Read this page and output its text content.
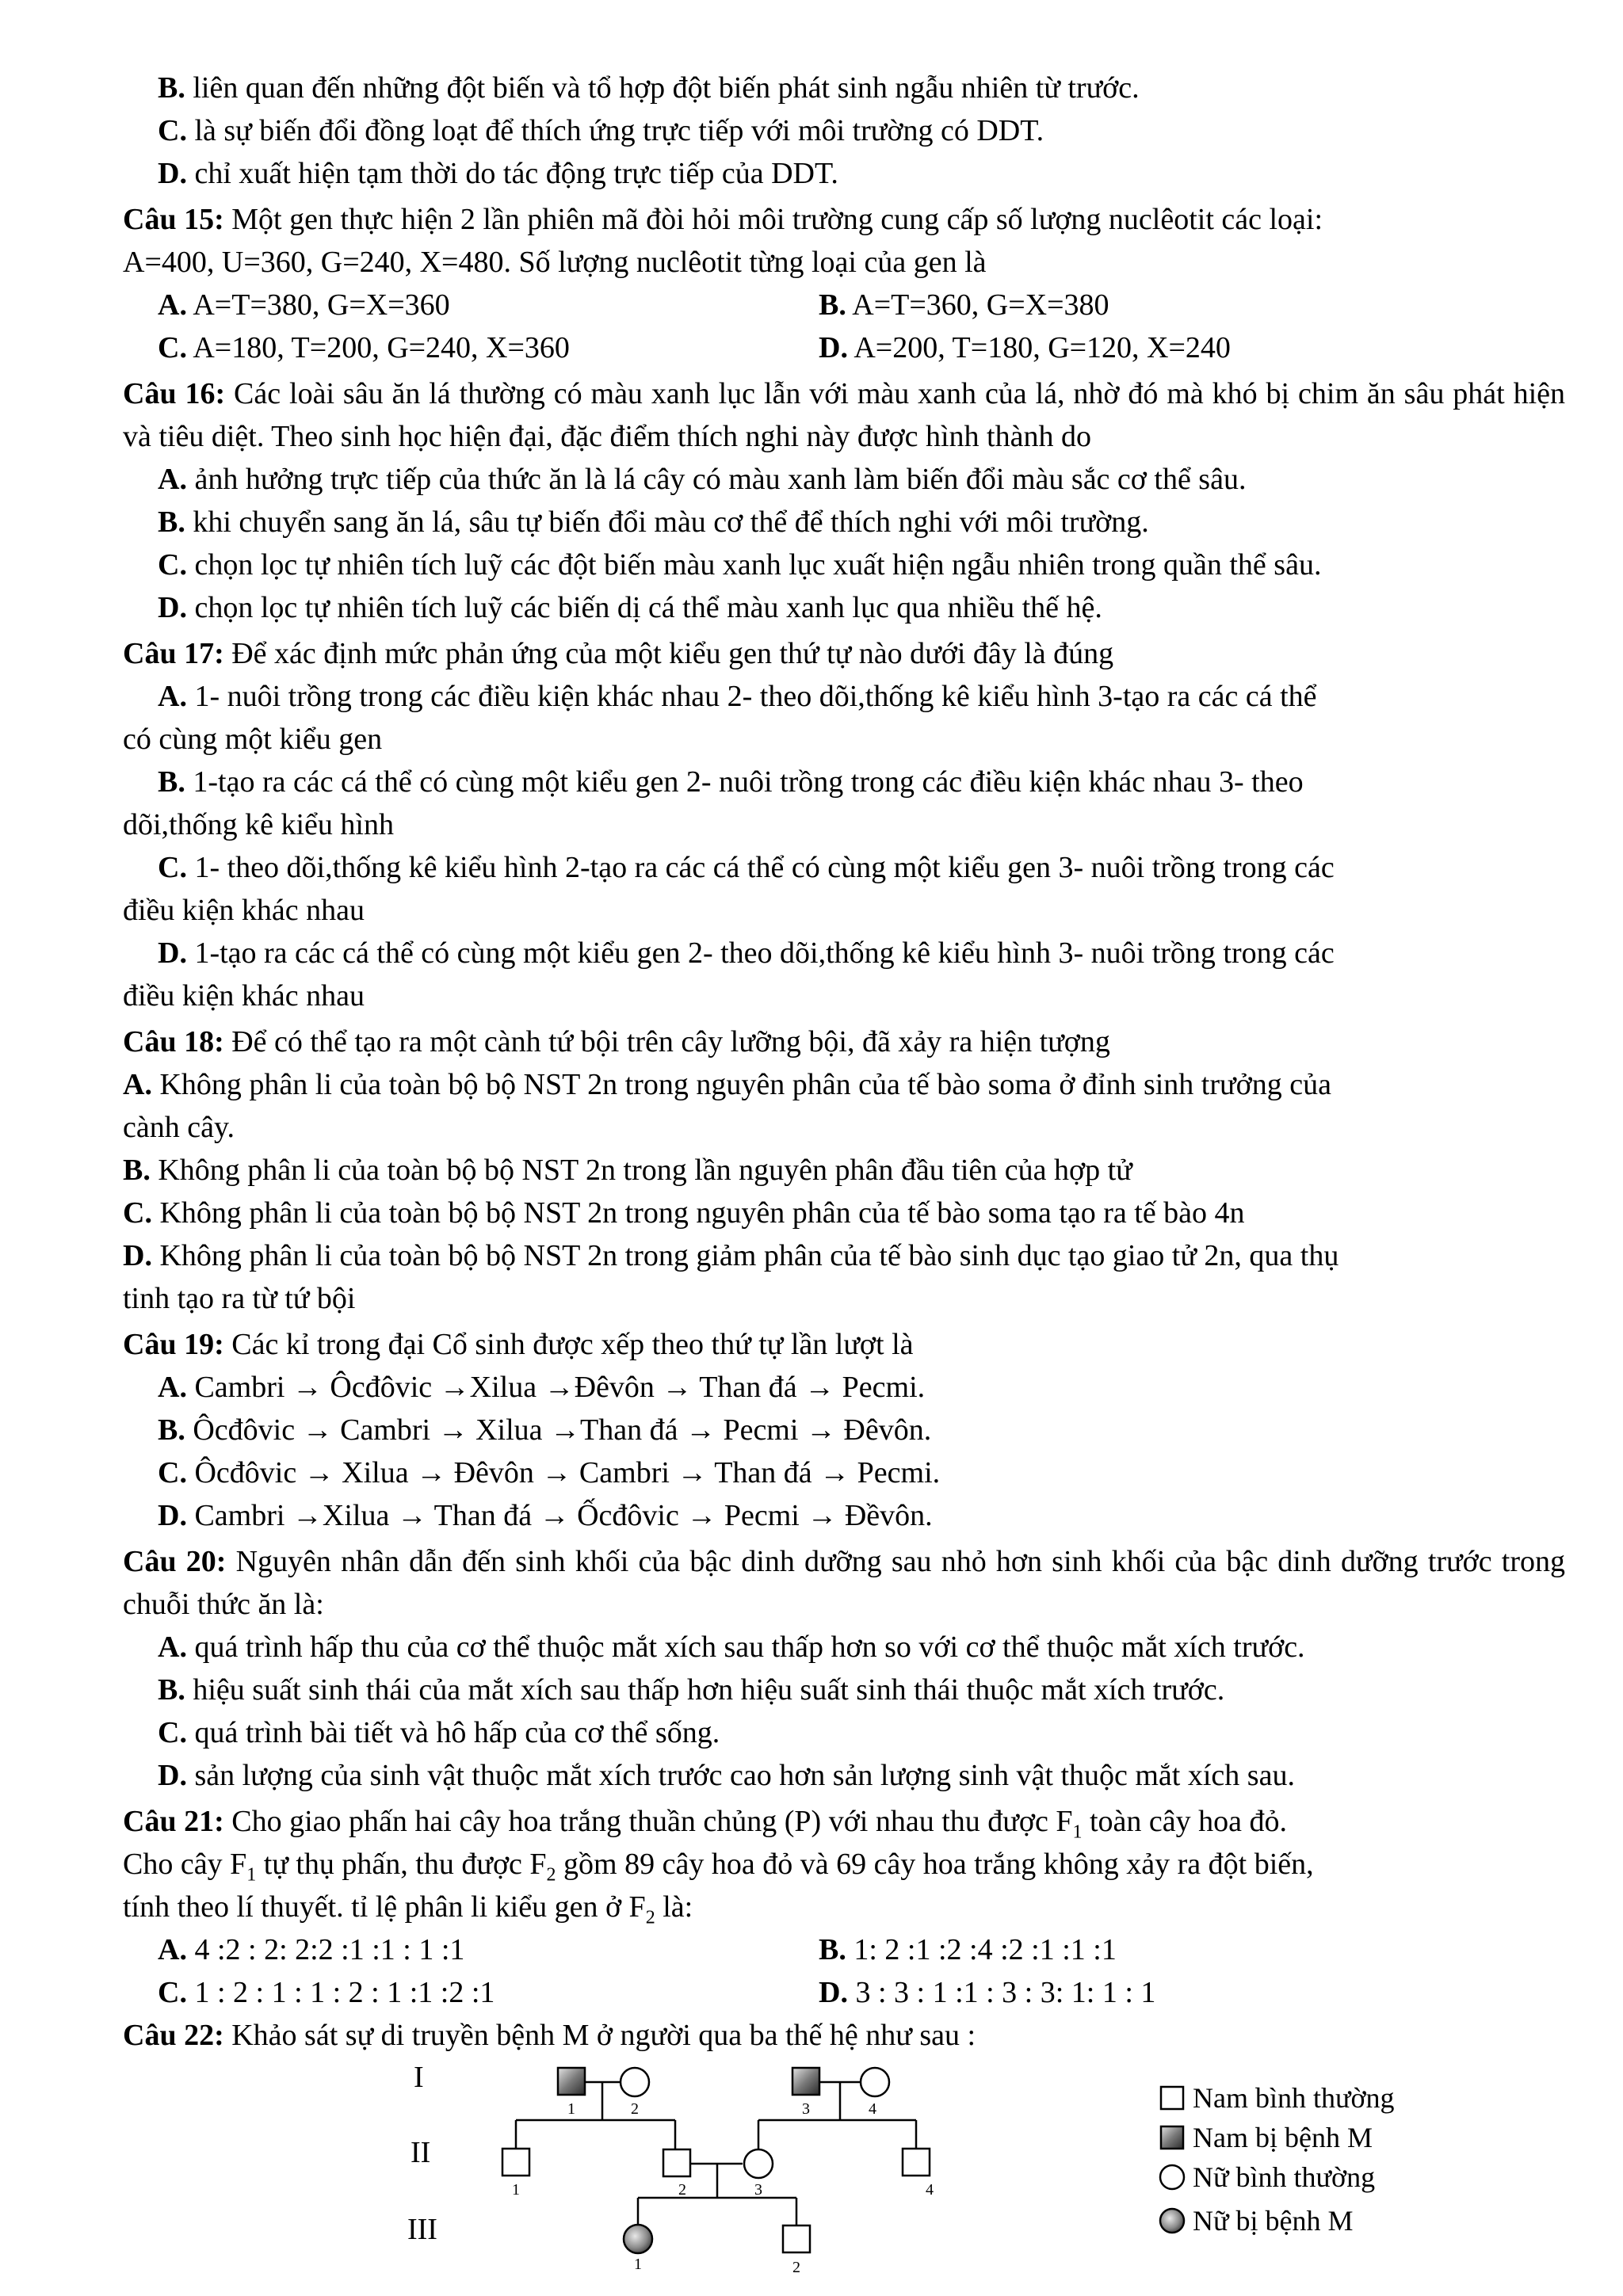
B. liên quan đến những đột biến và tổ hợp đột biến phát sinh ngẫu nhiên từ trước.
C. là sự biến đổi đồng loạt để thích ứng trực tiếp với môi trường có DDT.
D. chỉ xuất hiện tạm thời do tác động trực tiếp của DDT.
Câu 15: Một gen thực hiện 2 lần phiên mã đòi hỏi môi trường cung cấp số lượng nuclêotit các loại:
A=400, U=360, G=240, X=480. Số lượng nuclêotit từng loại của gen là
A. A=T=380, G=X=360	B. A=T=360, G=X=380
C. A=180, T=200, G=240, X=360	D. A=200, T=180, G=120, X=240
Câu 16: Các loài sâu ăn lá thường có màu xanh lục lẫn với màu xanh của lá, nhờ đó mà khó bị chim ăn sâu phát hiện và tiêu diệt. Theo sinh học hiện đại, đặc điểm thích nghi này được hình thành do
A. ảnh hưởng trực tiếp của thức ăn là lá cây có màu xanh làm biến đổi màu sắc cơ thể sâu.
B. khi chuyển sang ăn lá, sâu tự biến đổi màu cơ thể để thích nghi với môi trường.
C. chọn lọc tự nhiên tích luỹ các đột biến màu xanh lục xuất hiện ngẫu nhiên trong quần thể sâu.
D. chọn lọc tự nhiên tích luỹ các biến dị cá thể màu xanh lục qua nhiều thế hệ.
Câu 17: Để xác định mức phản ứng của một kiểu gen thứ tự nào dưới đây là đúng
A. 1- nuôi trồng trong các điều kiện khác nhau 2- theo dõi,thống kê kiểu hình 3-tạo ra các cá thể
có cùng một kiểu gen
B. 1-tạo ra các cá thể có cùng một kiểu gen 2- nuôi trồng trong các điều kiện khác nhau 3- theo
dõi,thống kê kiểu hình
C. 1- theo dõi,thống kê kiểu hình 2-tạo ra các cá thể có cùng một kiểu gen 3- nuôi trồng trong các
điều kiện khác nhau
D. 1-tạo ra các cá thể có cùng một kiểu gen 2- theo dõi,thống kê kiểu hình 3- nuôi trồng trong các
điều kiện khác nhau
Câu 18: Để có thể tạo ra một cành tứ bội trên cây lưỡng bội, đã xảy ra hiện tượng
A. Không phân li của toàn bộ bộ NST 2n trong nguyên phân của tế bào soma ở đỉnh sinh trưởng của
cành cây.
B. Không phân li của toàn bộ bộ NST 2n trong lần nguyên phân đầu tiên của hợp tử
C. Không phân li của toàn bộ bộ NST 2n trong nguyên phân của tế bào soma tạo ra tế bào 4n
D. Không phân li của toàn bộ bộ NST 2n trong giảm phân của tế bào sinh dục tạo giao tử 2n, qua thụ
tinh tạo ra từ tứ bội
Câu 19: Các kỉ trong đại Cổ sinh được xếp theo thứ tự lần lượt là
A. Cambri → Ôcđôvic →Xilua →Đêvôn → Than đá → Pecmi.
B. Ôcđôvic → Cambri → Xilua →Than đá → Pecmi → Đêvôn.
C. Ôcđôvic → Xilua → Đêvôn → Cambri → Than đá → Pecmi.
D. Cambri →Xilua → Than đá → Ốcđôvic → Pecmi → Đềvôn.
Câu 20: Nguyên nhân dẫn đến sinh khối của bậc dinh dưỡng sau nhỏ hơn sinh khối của bậc dinh dưỡng trước trong chuỗi thức ăn là:
A. quá trình hấp thu của cơ thể thuộc mắt xích sau thấp hơn so với cơ thể thuộc mắt xích trước.
B. hiệu suất sinh thái của mắt xích sau thấp hơn hiệu suất sinh thái thuộc mắt xích trước.
C. quá trình bài tiết và hô hấp của cơ thể sống.
D. sản lượng của sinh vật thuộc mắt xích trước cao hơn sản lượng sinh vật thuộc mắt xích sau.
Câu 21: Cho giao phấn hai cây hoa trắng thuần chủng (P) với nhau thu được $F_1$ toàn cây hoa đỏ.
Cho cây $F_1$ tự thụ phấn, thu được $F_2$ gồm 89 cây hoa đỏ và 69 cây hoa trắng không xảy ra đột biến,
tính theo lí thuyết. tỉ lệ phân li kiểu gen ở $F_2$ là:
A. 4 :2 : 2: 2:2 :1 :1 : 1 :1	B. 1: 2 :1 :2 :4 :2 :1 :1 :1
C. 1 : 2 : 1 : 1 : 2 : 1 :1 :2 :1	D. 3 : 3 : 1 :1 : 3 : 3: 1: 1 : 1
Câu 22: Khảo sát sự di truyền bệnh M ở người qua ba thế hệ như sau :
I
II
III
1	2	3	4
1	2	3	4
1	2
Nam bình thường
Nam bị bệnh M
Nữ bình thường
Nữ bị bệnh M
